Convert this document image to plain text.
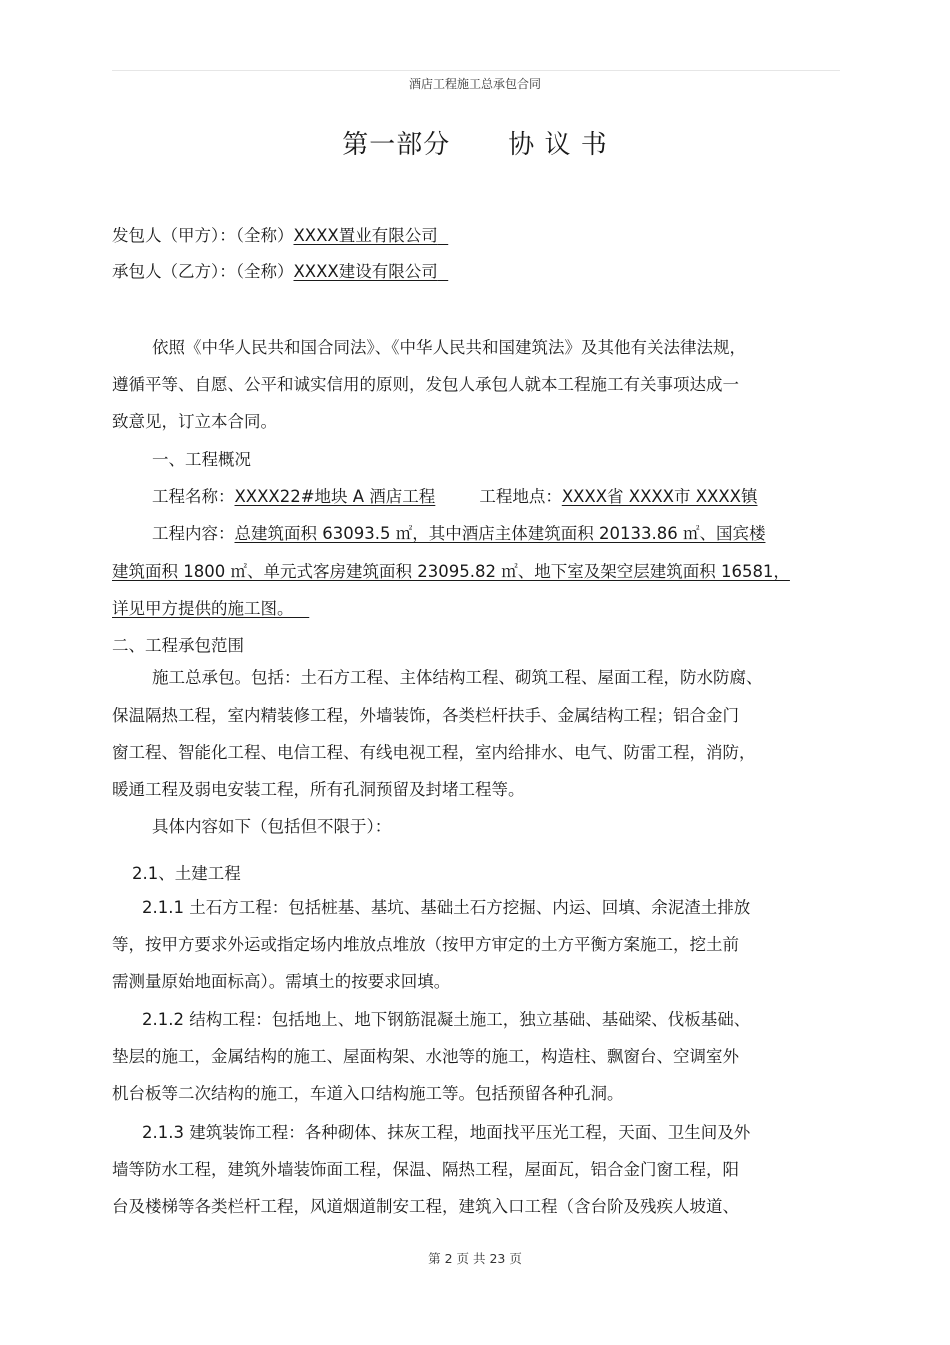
酒店工程施工总承包合同
第一部分 协 议 书
发包人（甲方）：（全称）XXXX置业有限公司
承包人（乙方）：（全称）XXXX建设有限公司
依照《中华人民共和国合同法》、《中华人民共和国建筑法》及其他有关法律法规，
遵循平等、自愿、公平和诚实信用的原则，发包人承包人就本工程施工有关事项达成一
致意见，订立本合同。
一、工程概况
工程名称：XXXX22#地块 A 酒店工程	工程地点：XXXX省 XXXX市 XXXX镇
工程内容：总建筑面积 63093.5 ㎡，其中酒店主体建筑面积 20133.86 ㎡、国宾楼
建筑面积 1800 ㎡、单元式客房建筑面积 23095.82 ㎡、地下室及架空层建筑面积 16581，
详见甲方提供的施工图。
二、工程承包范围
施工总承包。包括：土石方工程、主体结构工程、砌筑工程、屋面工程，防水防腐、
保温隔热工程，室内精装修工程，外墙装饰，各类栏杆扶手、金属结构工程；铝合金门
窗工程、智能化工程、电信工程、有线电视工程，室内给排水、电气、防雷工程，消防，
暖通工程及弱电安装工程，所有孔洞预留及封堵工程等。
具体内容如下（包括但不限于）：
2.1、土建工程
2.1.1 土石方工程：包括桩基、基坑、基础土石方挖掘、内运、回填、余泥渣土排放
等，按甲方要求外运或指定场内堆放点堆放（按甲方审定的土方平衡方案施工，挖土前
需测量原始地面标高）。需填土的按要求回填。
2.1.2 结构工程：包括地上、地下钢筋混凝土施工，独立基础、基础梁、伐板基础、
垫层的施工，金属结构的施工、屋面构架、水池等的施工，构造柱、飘窗台、空调室外
机台板等二次结构的施工，车道入口结构施工等。包括预留各种孔洞。
2.1.3 建筑装饰工程：各种砌体、抹灰工程，地面找平压光工程，天面、卫生间及外
墙等防水工程，建筑外墙装饰面工程，保温、隔热工程，屋面瓦，铝合金门窗工程，阳
台及楼梯等各类栏杆工程，风道烟道制安工程，建筑入口工程（含台阶及残疾人坡道、
第 2 页 共 23 页
